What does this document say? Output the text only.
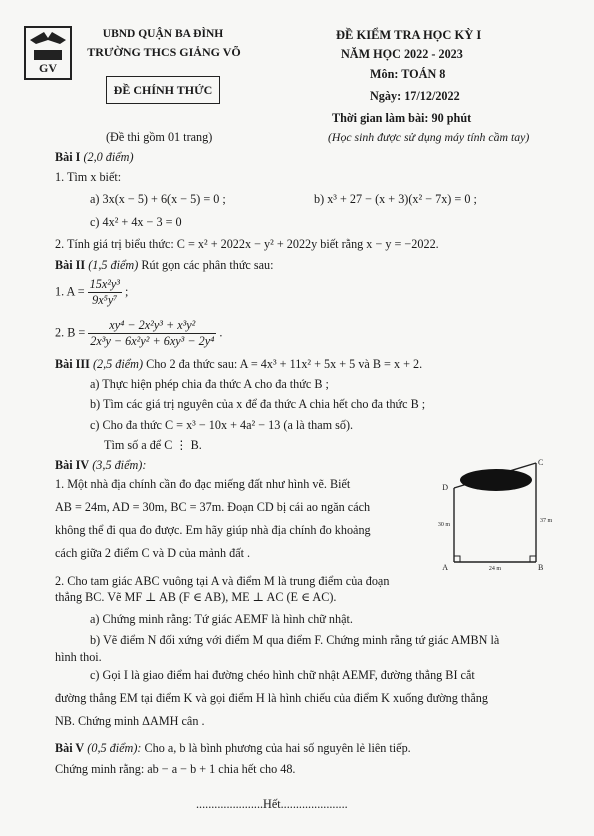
GV
UBND QUẬN BA ĐÌNH
TRƯỜNG THCS GIẢNG VÕ
ĐỀ CHÍNH THỨC
(Đề thi gồm 01 trang)
ĐỀ KIỂM TRA HỌC KỲ I
NĂM HỌC 2022 - 2023
Môn: TOÁN 8
Ngày: 17/12/2022
Thời gian làm bài: 90 phút
(Học sinh được sử dụng máy tính cầm tay)
Bài I (2,0 điểm)
1. Tìm x biết:
a) 3x(x − 5) + 6(x − 5) = 0 ;	b) x³ + 27 − (x + 3)(x² − 7x) = 0 ;
c) 4x² + 4x − 3 = 0
2. Tính giá trị biểu thức: C = x² + 2022x − y² + 2022y biết rằng x − y = −2022.
Bài II (1,5 điểm) Rút gọn các phân thức sau:
1. $A = \frac{\text{15x²y³}}{\text{9x⁵y⁷}}$ ;
2. $B = \frac{\text{xy⁴ − 2x²y³ + x³y²}}{\text{2x³y − 6x²y² + 6xy³ − 2y⁴}}$ .
Bài III (2,5 điểm) Cho 2 đa thức sau: A = 4x³ + 11x² + 5x + 5 và B = x + 2.
a) Thực hiện phép chia đa thức A cho đa thức B ;
b) Tìm các giá trị nguyên của x để đa thức A chia hết cho đa thức B ;
c) Cho đa thức C = x³ − 10x + 4a² − 13 (a là tham số).
Tìm số a để C ⋮ B.
Bài IV (3,5 điểm):
1. Một nhà địa chính cần đo đạc miếng đất như hình vẽ. Biết
AB = 24m, AD = 30m, BC = 37m. Đoạn CD bị cái ao ngăn cách
không thể đi qua đo được. Em hãy giúp nhà địa chính đo khoảng
cách giữa 2 điểm C và D của mảnh đất .
D
C
A	B
30 m
37 m
24 m
2. Cho tam giác ABC vuông tại A và điểm M là trung điểm của đoạn
thẳng BC. Vẽ MF ⊥ AB (F ∈ AB), ME ⊥ AC (E ∈ AC).
a) Chứng minh rằng: Tứ giác AEMF là hình chữ nhật.
b) Vẽ điểm N đối xứng với điểm M qua điểm F. Chứng minh rằng tứ giác AMBN là
hình thoi.
c) Gọi I là giao điểm hai đường chéo hình chữ nhật AEMF, đường thẳng BI cắt
đường thẳng EM tại điểm K và gọi điểm H là hình chiếu của điểm K xuống đường thẳng
NB. Chứng minh ΔAMH cân .
Bài V (0,5 điểm): Cho a, b là bình phương của hai số nguyên lẻ liên tiếp.
Chứng minh rằng: ab − a − b + 1 chia hết cho 48.
......................Hết......................
